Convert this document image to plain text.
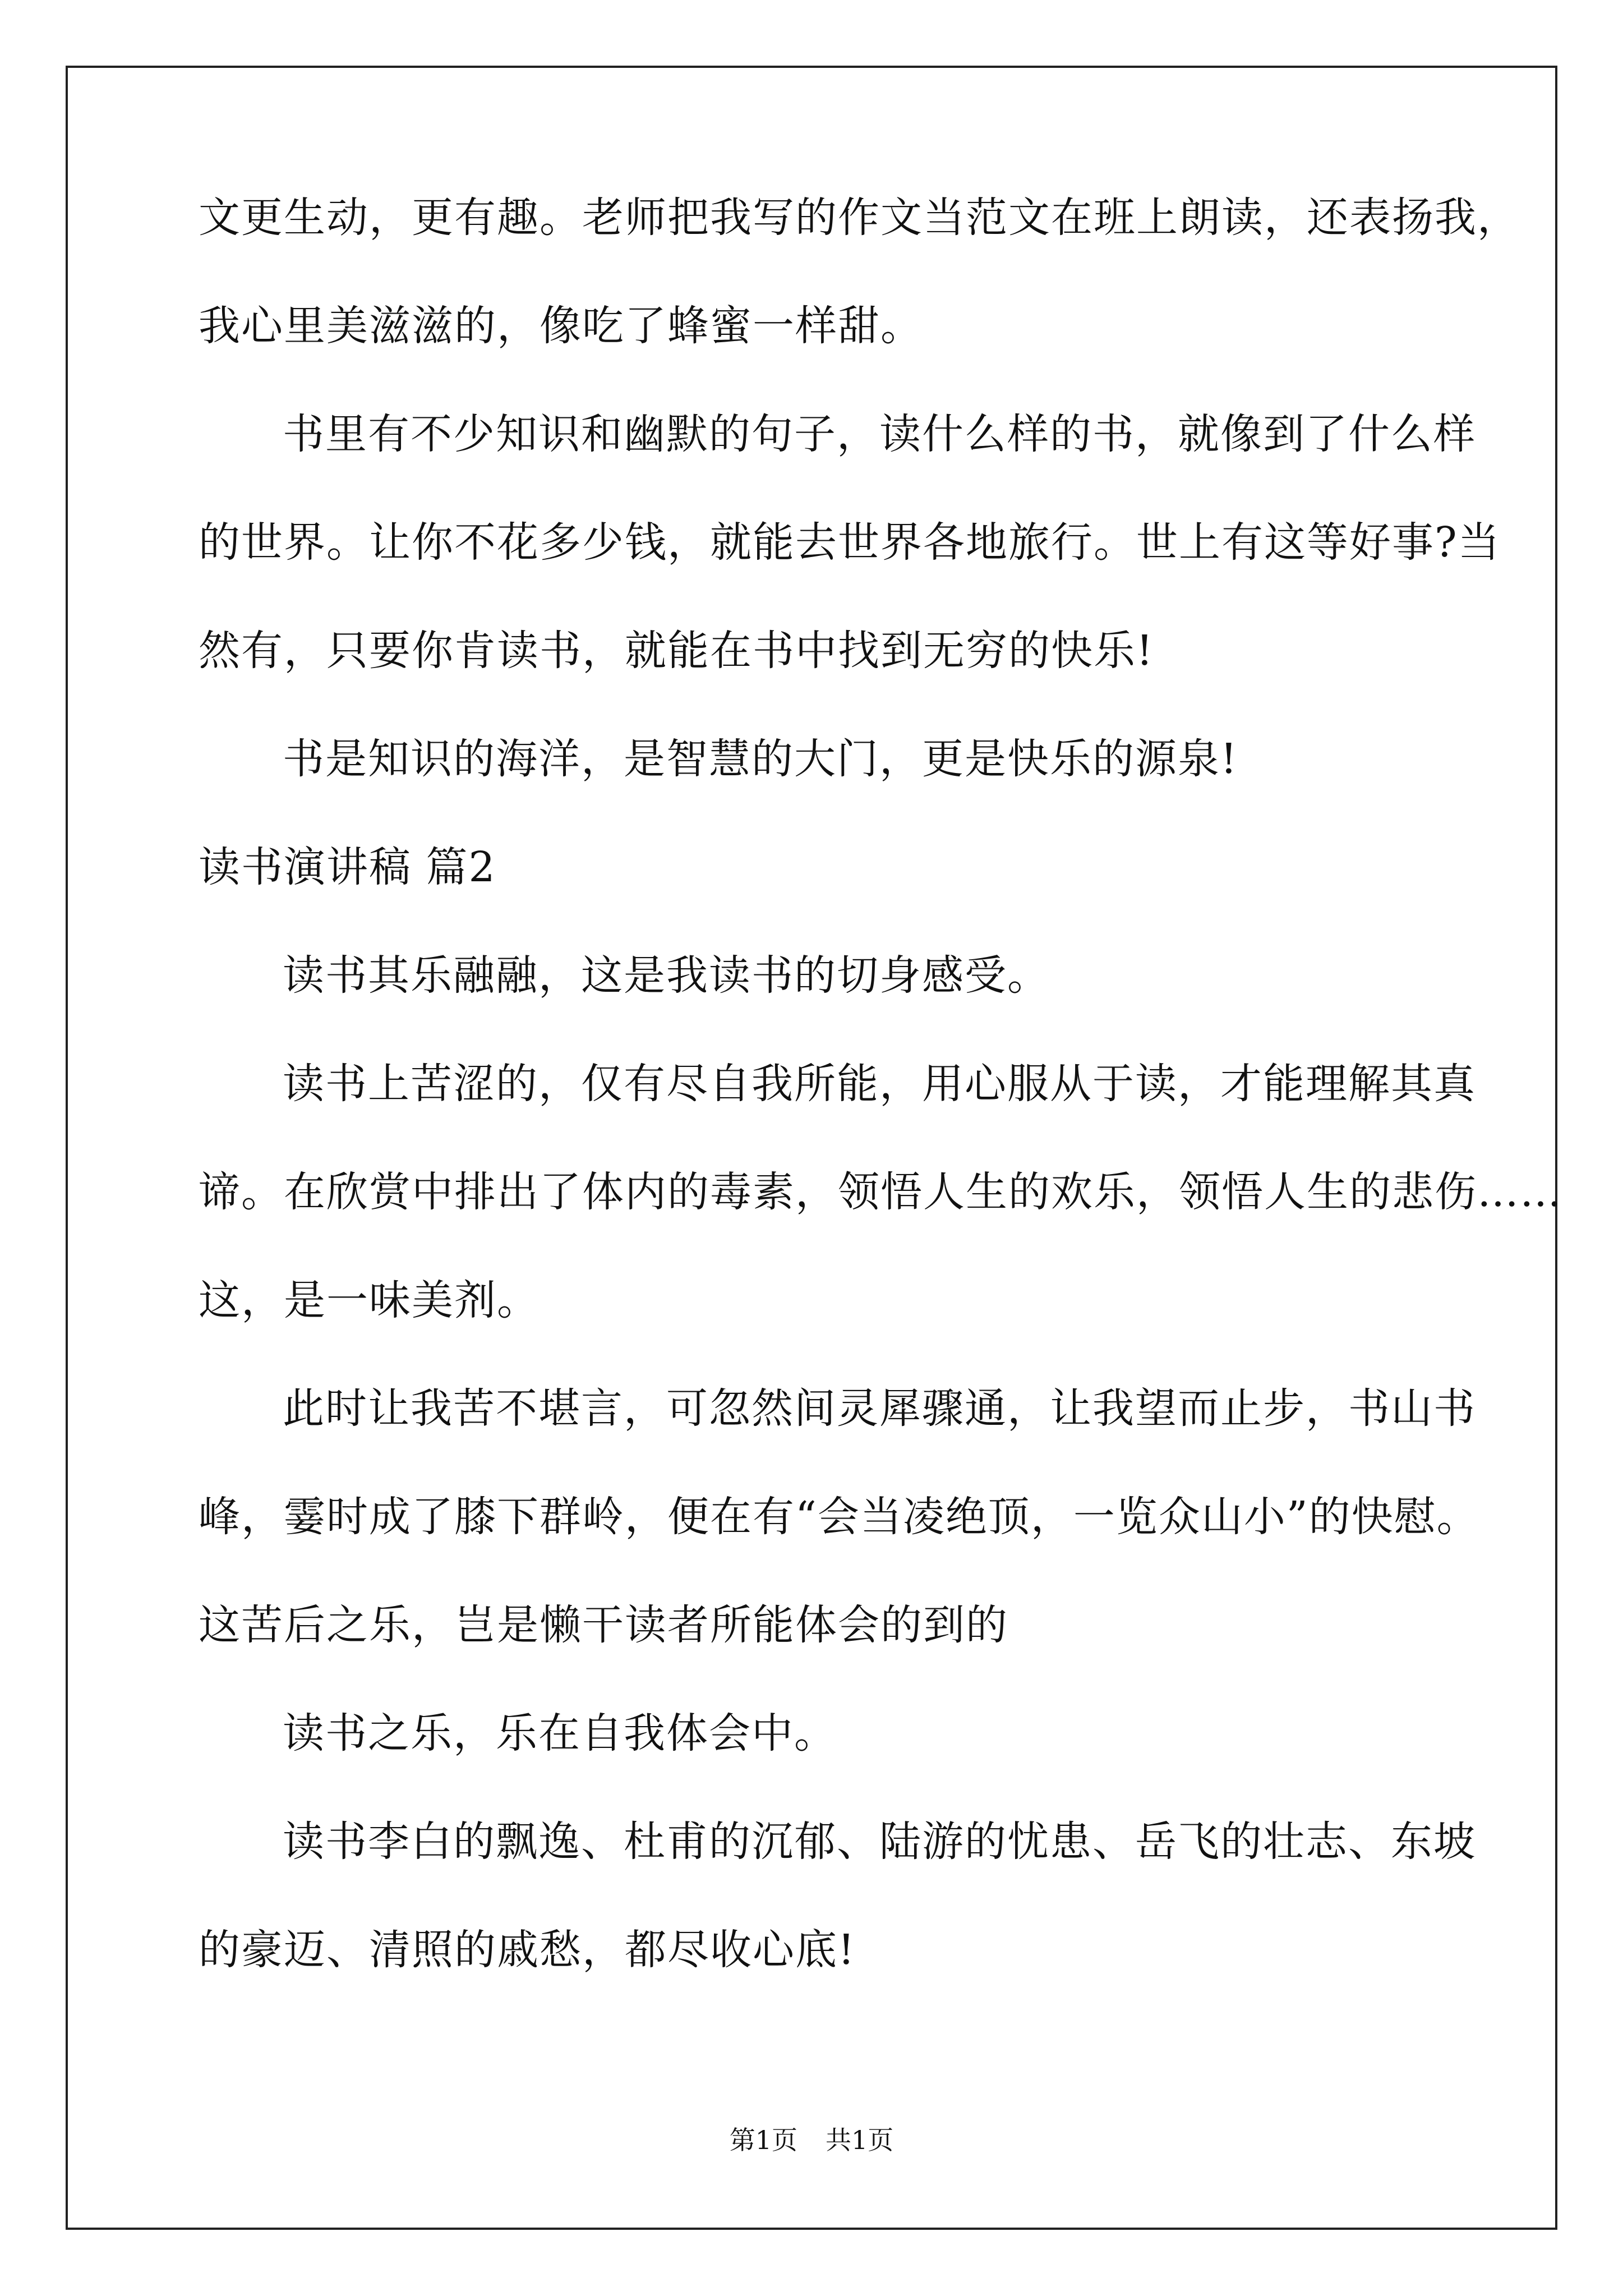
文更生动，更有趣。老师把我写的作文当范文在班上朗读，还表扬我，
我心里美滋滋的，像吃了蜂蜜一样甜。
书里有不少知识和幽默的句子，读什么样的书，就像到了什么样
的世界。让你不花多少钱，就能去世界各地旅行。世上有这等好事?当
然有，只要你肯读书，就能在书中找到无穷的快乐!
书是知识的海洋，是智慧的大门，更是快乐的源泉!
读书演讲稿 篇2
读书其乐融融，这是我读书的切身感受。
读书上苦涩的，仅有尽自我所能，用心服从于读，才能理解其真
谛。在欣赏中排出了体内的毒素，领悟人生的欢乐，领悟人生的悲伤……
这，是一味美剂。
此时让我苦不堪言，可忽然间灵犀骤通，让我望而止步，书山书
峰，霎时成了膝下群岭，便在有“会当凌绝顶，一览众山小”的快慰。
这苦后之乐，岂是懒干读者所能体会的到的
读书之乐，乐在自我体会中。
读书李白的飘逸、杜甫的沉郁、陆游的忧患、岳飞的壮志、东坡
的豪迈、清照的戚愁，都尽收心底!
第1页 共1页
